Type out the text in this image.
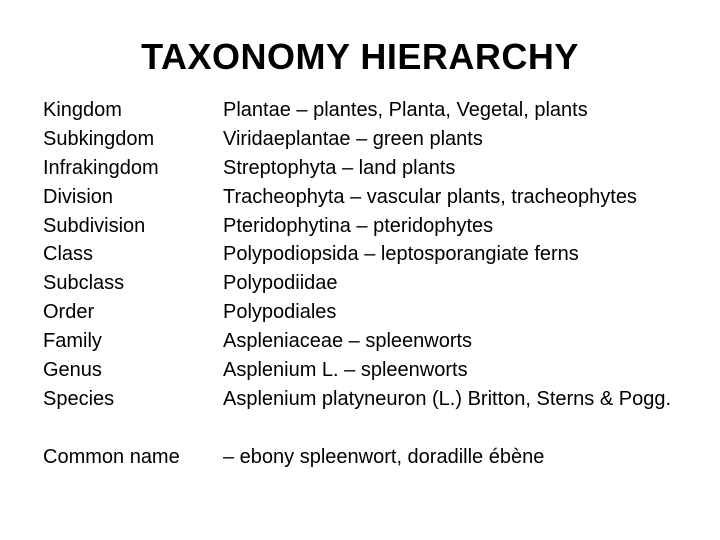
TAXONOMY HIERARCHY
Kingdom	Plantae – plantes, Planta, Vegetal, plants
Subkingdom	Viridaeplantae – green plants
Infrakingdom	Streptophyta – land plants
Division	Tracheophyta – vascular plants, tracheophytes
Subdivision	Pteridophytina – pteridophytes
Class	Polypodiopsida – leptosporangiate ferns
Subclass	Polypodiidae
Order	Polypodiales
Family	Aspleniaceae – spleenworts
Genus	Asplenium L. – spleenworts
Species	Asplenium platyneuron (L.) Britton, Sterns & Pogg.
Common name – ebony spleenwort, doradille ébène
